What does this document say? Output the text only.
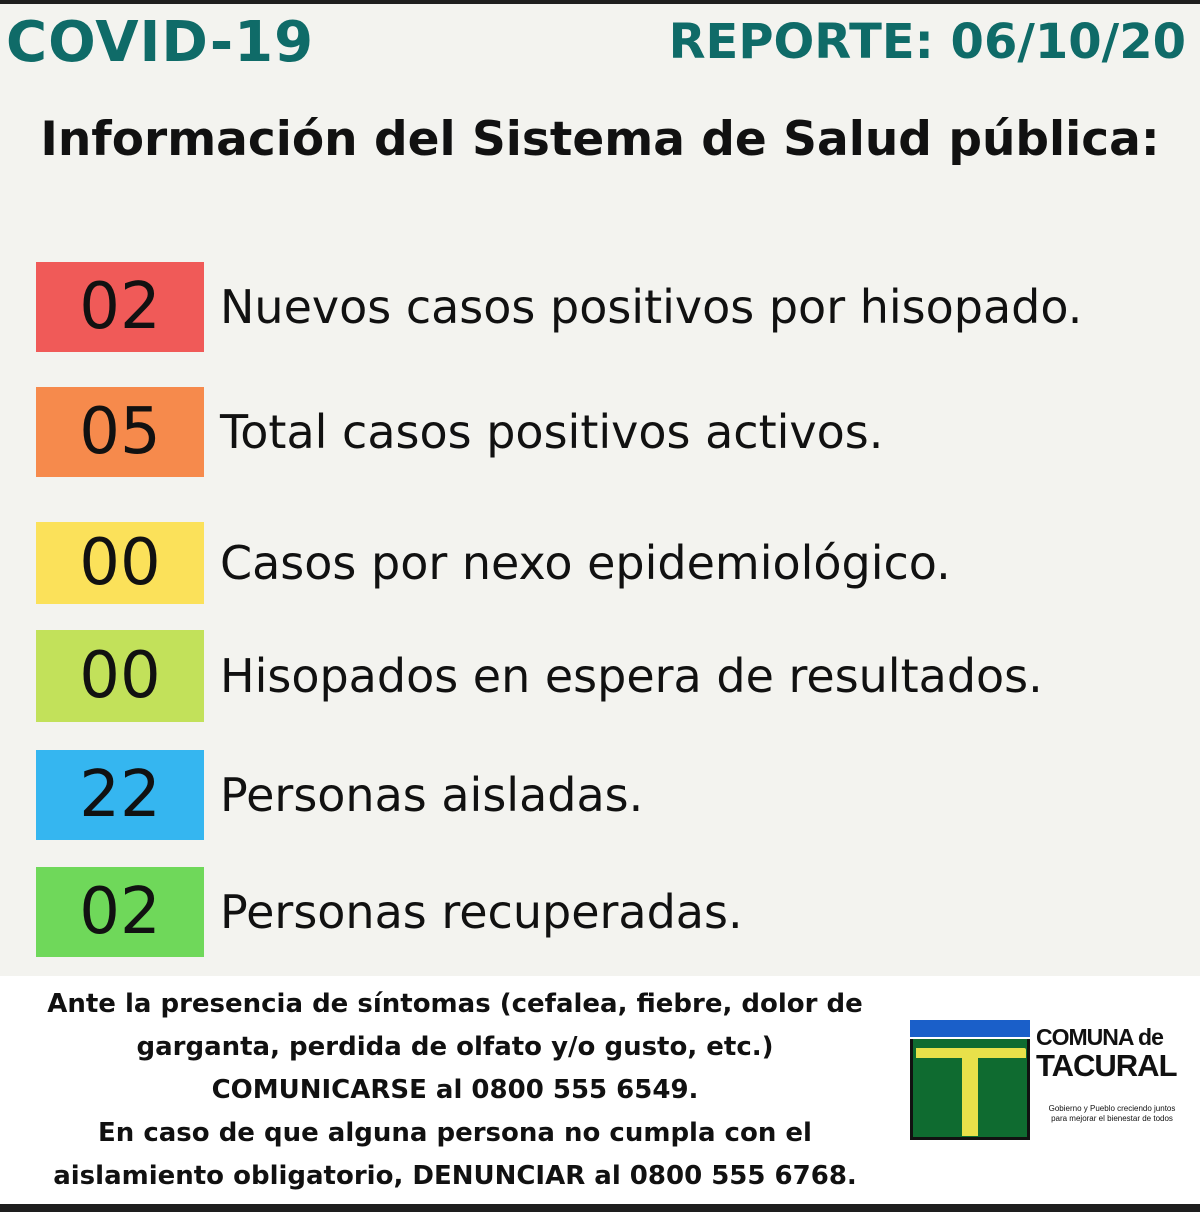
COVID-19	REPORTE: 06/10/20
Información del Sistema de Salud pública:
02	Nuevos casos positivos por hisopado.
05	Total casos positivos activos.
00	Casos por nexo epidemiológico.
00	Hisopados en espera de resultados.
22	Personas aisladas.
02	Personas recuperadas.
Ante la presencia de síntomas (cefalea, fiebre, dolor de
garganta, perdida de olfato y/o gusto, etc.)
COMUNICARSE al 0800 555 6549.
En caso de que alguna persona no cumpla con el
aislamiento obligatorio, DENUNCIAR al 0800 555 6768.
COMUNA de
TACURAL
Gobierno y Pueblo creciendo juntos
para mejorar el bienestar de todos
